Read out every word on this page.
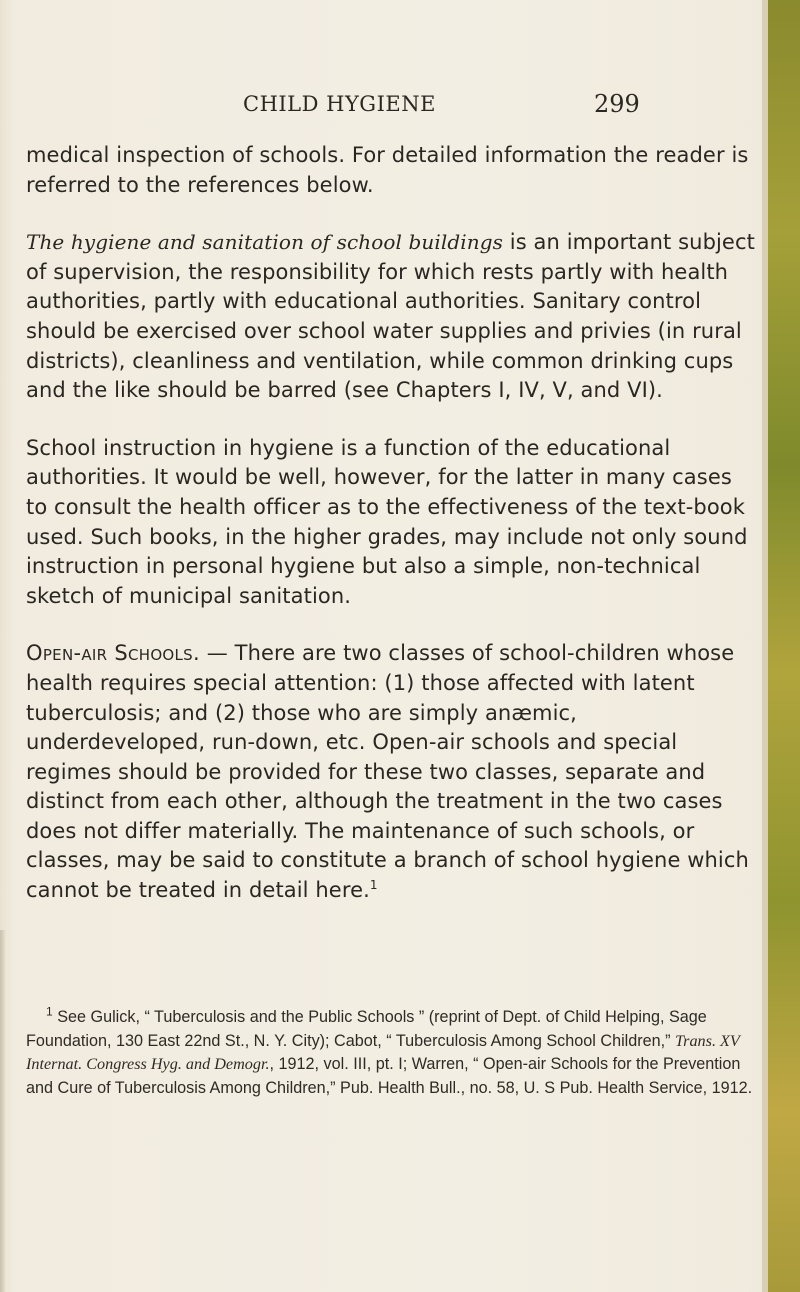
CHILD HYGIENE	299

medical inspection of schools. For detailed information the reader is referred to the references below.

The hygiene and sanitation of school buildings is an important subject of supervision, the responsibility for which rests partly with health authorities, partly with educational authorities. Sanitary control should be exercised over school water supplies and privies (in rural districts), cleanliness and ventilation, while common drinking cups and the like should be barred (see Chapters I, IV, V, and VI).

School instruction in hygiene is a function of the educational authorities. It would be well, however, for the latter in many cases to consult the health officer as to the effectiveness of the text-book used. Such books, in the higher grades, may include not only sound instruction in personal hygiene but also a simple, non-technical sketch of municipal sanitation.

Open-air Schools. — There are two classes of school-children whose health requires special attention: (1) those affected with latent tuberculosis; and (2) those who are simply anæmic, underdeveloped, run-down, etc. Open-air schools and special regimes should be provided for these two classes, separate and distinct from each other, although the treatment in the two cases does not differ materially. The maintenance of such schools, or classes, may be said to constitute a branch of school hygiene which cannot be treated in detail here.$^1$

$^1$ See Gulick, “ Tuberculosis and the Public Schools ” (reprint of Dept. of Child Helping, Sage Foundation, 130 East 22nd St., N. Y. City); Cabot, “ Tuberculosis Among School Children,” Trans. XV Internat. Congress Hyg. and Demogr., 1912, vol. III, pt. I; Warren, “ Open-air Schools for the Prevention and Cure of Tuberculosis Among Children,” Pub. Health Bull., no. 58, U. S Pub. Health Service, 1912.
